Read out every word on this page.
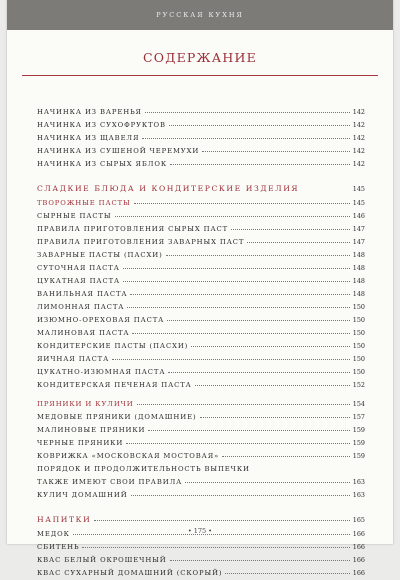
РУССКАЯ КУХНЯ
СОДЕРЖАНИЕ
НАЧИНКА ИЗ ВАРЕНЬЯ	142
НАЧИНКА ИЗ СУХОФРУКТОВ	142
НАЧИНКА ИЗ ЩАВЕЛЯ	142
НАЧИНКА ИЗ СУШЕНОЙ ЧЕРЕМУХИ	142
НАЧИНКА ИЗ СЫРЫХ ЯБЛОК	142
СЛАДКИЕ БЛЮДА И КОНДИТЕРСКИЕ ИЗДЕЛИЯ	145
ТВОРОЖНЫЕ ПАСТЫ	145
СЫРНЫЕ ПАСТЫ	146
ПРАВИЛА ПРИГОТОВЛЕНИЯ СЫРЫХ ПАСТ	147
ПРАВИЛА ПРИГОТОВЛЕНИЯ ЗАВАРНЫХ ПАСТ	147
ЗАВАРНЫЕ ПАСТЫ (ПАСХИ)	148
СУТОЧНАЯ ПАСТА	148
ЦУКАТНАЯ ПАСТА	148
ВАНИЛЬНАЯ ПАСТА	148
ЛИМОННАЯ ПАСТА	150
ИЗЮМНО-ОРЕХОВАЯ ПАСТА	150
МАЛИНОВАЯ ПАСТА	150
КОНДИТЕРСКИЕ ПАСТЫ (ПАСХИ)	150
ЯИЧНАЯ ПАСТА	150
ЦУКАТНО-ИЗЮМНАЯ ПАСТА	150
КОНДИТЕРСКАЯ ПЕЧЕНАЯ ПАСТА	152
ПРЯНИКИ И КУЛИЧИ	154
МЕДОВЫЕ ПРЯНИКИ (ДОМАШНИЕ)	157
МАЛИНОВЫЕ ПРЯНИКИ	159
ЧЕРНЫЕ ПРЯНИКИ	159
КОВРИЖКА «МОСКОВСКАЯ МОСТОВАЯ»	159
ПОРЯДОК И ПРОДОЛЖИТЕЛЬНОСТЬ ВЫПЕЧКИ
ТАКЖЕ ИМЕЮТ СВОИ ПРАВИЛА	163
КУЛИЧ ДОМАШНИЙ	163
НАПИТКИ	165
МЕДОК	166
СБИТЕНЬ	166
КВАС БЕЛЫЙ ОКРОШЕЧНЫЙ	166
КВАС СУХАРНЫЙ ДОМАШНИЙ (СКОРЫЙ)	166
• 175 •
